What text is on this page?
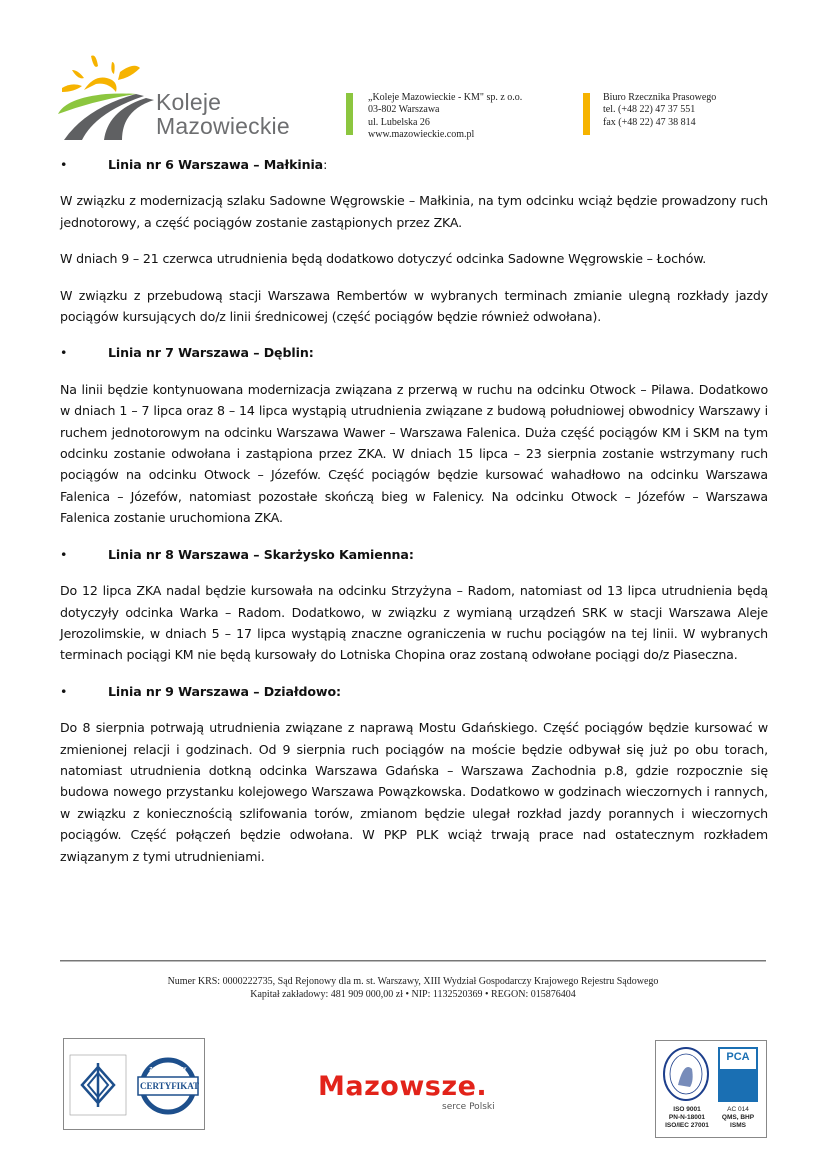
Koleje
Mazowieckie
„Koleje Mazowieckie - KM" sp. z o.o.
03-802 Warszawa
ul. Lubelska 26
www.mazowieckie.com.pl
Biuro Rzecznika Prasowego
tel. (+48 22) 47 37 551
fax (+48 22) 47 38 814
•	Linia nr 6 Warszawa – Małkinia:

W związku z modernizacją szlaku Sadowne Węgrowskie – Małkinia, na tym odcinku wciąż będzie prowadzony ruch jednotorowy, a część pociągów zostanie zastąpionych przez ZKA.

W dniach 9 – 21 czerwca utrudnienia będą dodatkowo dotyczyć odcinka Sadowne Węgrowskie – Łochów.

W związku z przebudową stacji Warszawa Rembertów w wybranych terminach zmianie ulegną rozkłady jazdy pociągów kursujących do/z linii średnicowej (część pociągów będzie również odwołana).

•	Linia nr 7 Warszawa – Dęblin:

Na linii będzie kontynuowana modernizacja związana z przerwą w ruchu na odcinku Otwock – Pilawa. Dodatkowo w dniach 1 – 7 lipca oraz 8 – 14 lipca wystąpią utrudnienia związane z budową południowej obwodnicy Warszawy i ruchem jednotorowym na odcinku Warszawa Wawer – Warszawa Falenica. Duża część pociągów KM i SKM na tym odcinku zostanie odwołana i zastąpiona przez ZKA. W dniach 15 lipca – 23 sierpnia zostanie wstrzymany ruch pociągów na odcinku Otwock – Józefów. Część pociągów będzie kursować wahadłowo na odcinku Warszawa Falenica – Józefów, natomiast pozostałe skończą bieg w Falenicy. Na odcinku Otwock – Józefów – Warszawa Falenica zostanie uruchomiona ZKA.

•	Linia nr 8 Warszawa – Skarżysko Kamienna:

Do 12 lipca ZKA nadal będzie kursowała na odcinku Strzyżyna – Radom, natomiast od 13 lipca utrudnienia będą dotyczyły odcinka Warka – Radom. Dodatkowo, w związku z wymianą urządzeń SRK w stacji Warszawa Aleje Jerozolimskie, w dniach 5 – 17 lipca wystąpią znaczne ograniczenia w ruchu pociągów na tej linii. W wybranych terminach pociągi KM nie będą kursowały do Lotniska Chopina oraz zostaną odwołane pociągi do/z Piaseczna.

•	Linia nr 9 Warszawa – Działdowo:

Do 8 sierpnia potrwają utrudnienia związane z naprawą Mostu Gdańskiego. Część pociągów będzie kursować w zmienionej relacji i godzinach. Od 9 sierpnia ruch pociągów na moście będzie odbywał się już po obu torach, natomiast utrudnienia dotkną odcinka Warszawa Gdańska – Warszawa Zachodnia p.8, gdzie rozpocznie się budowa nowego przystanku kolejowego Warszawa Powązkowska. Dodatkowo w godzinach wieczornych i rannych, w związku z koniecznością szlifowania torów, zmianom będzie ulegał rozkład jazdy porannych i wieczornych pociągów. Część połączeń będzie odwołana. W PKP PLK wciąż trwają prace nad ostatecznym rozkładem związanym z tymi utrudnieniami.

Numer KRS: 0000222735, Sąd Rejonowy dla m. st. Warszawy, XIII Wydział Gospodarczy Krajowego Rejestru Sądowego
Kapitał zakładowy: 481 909 000,00 zł • NIP: 1132520369 • REGON: 015876404
CERTYFIKAT
ZAPOBIEGAMY
KORUPCJI
Mazowsze.
serce Polski
PCA
ISO 9001
PN-N-18001
ISO/IEC 27001
AC 014
QMS, BHP
ISMS
